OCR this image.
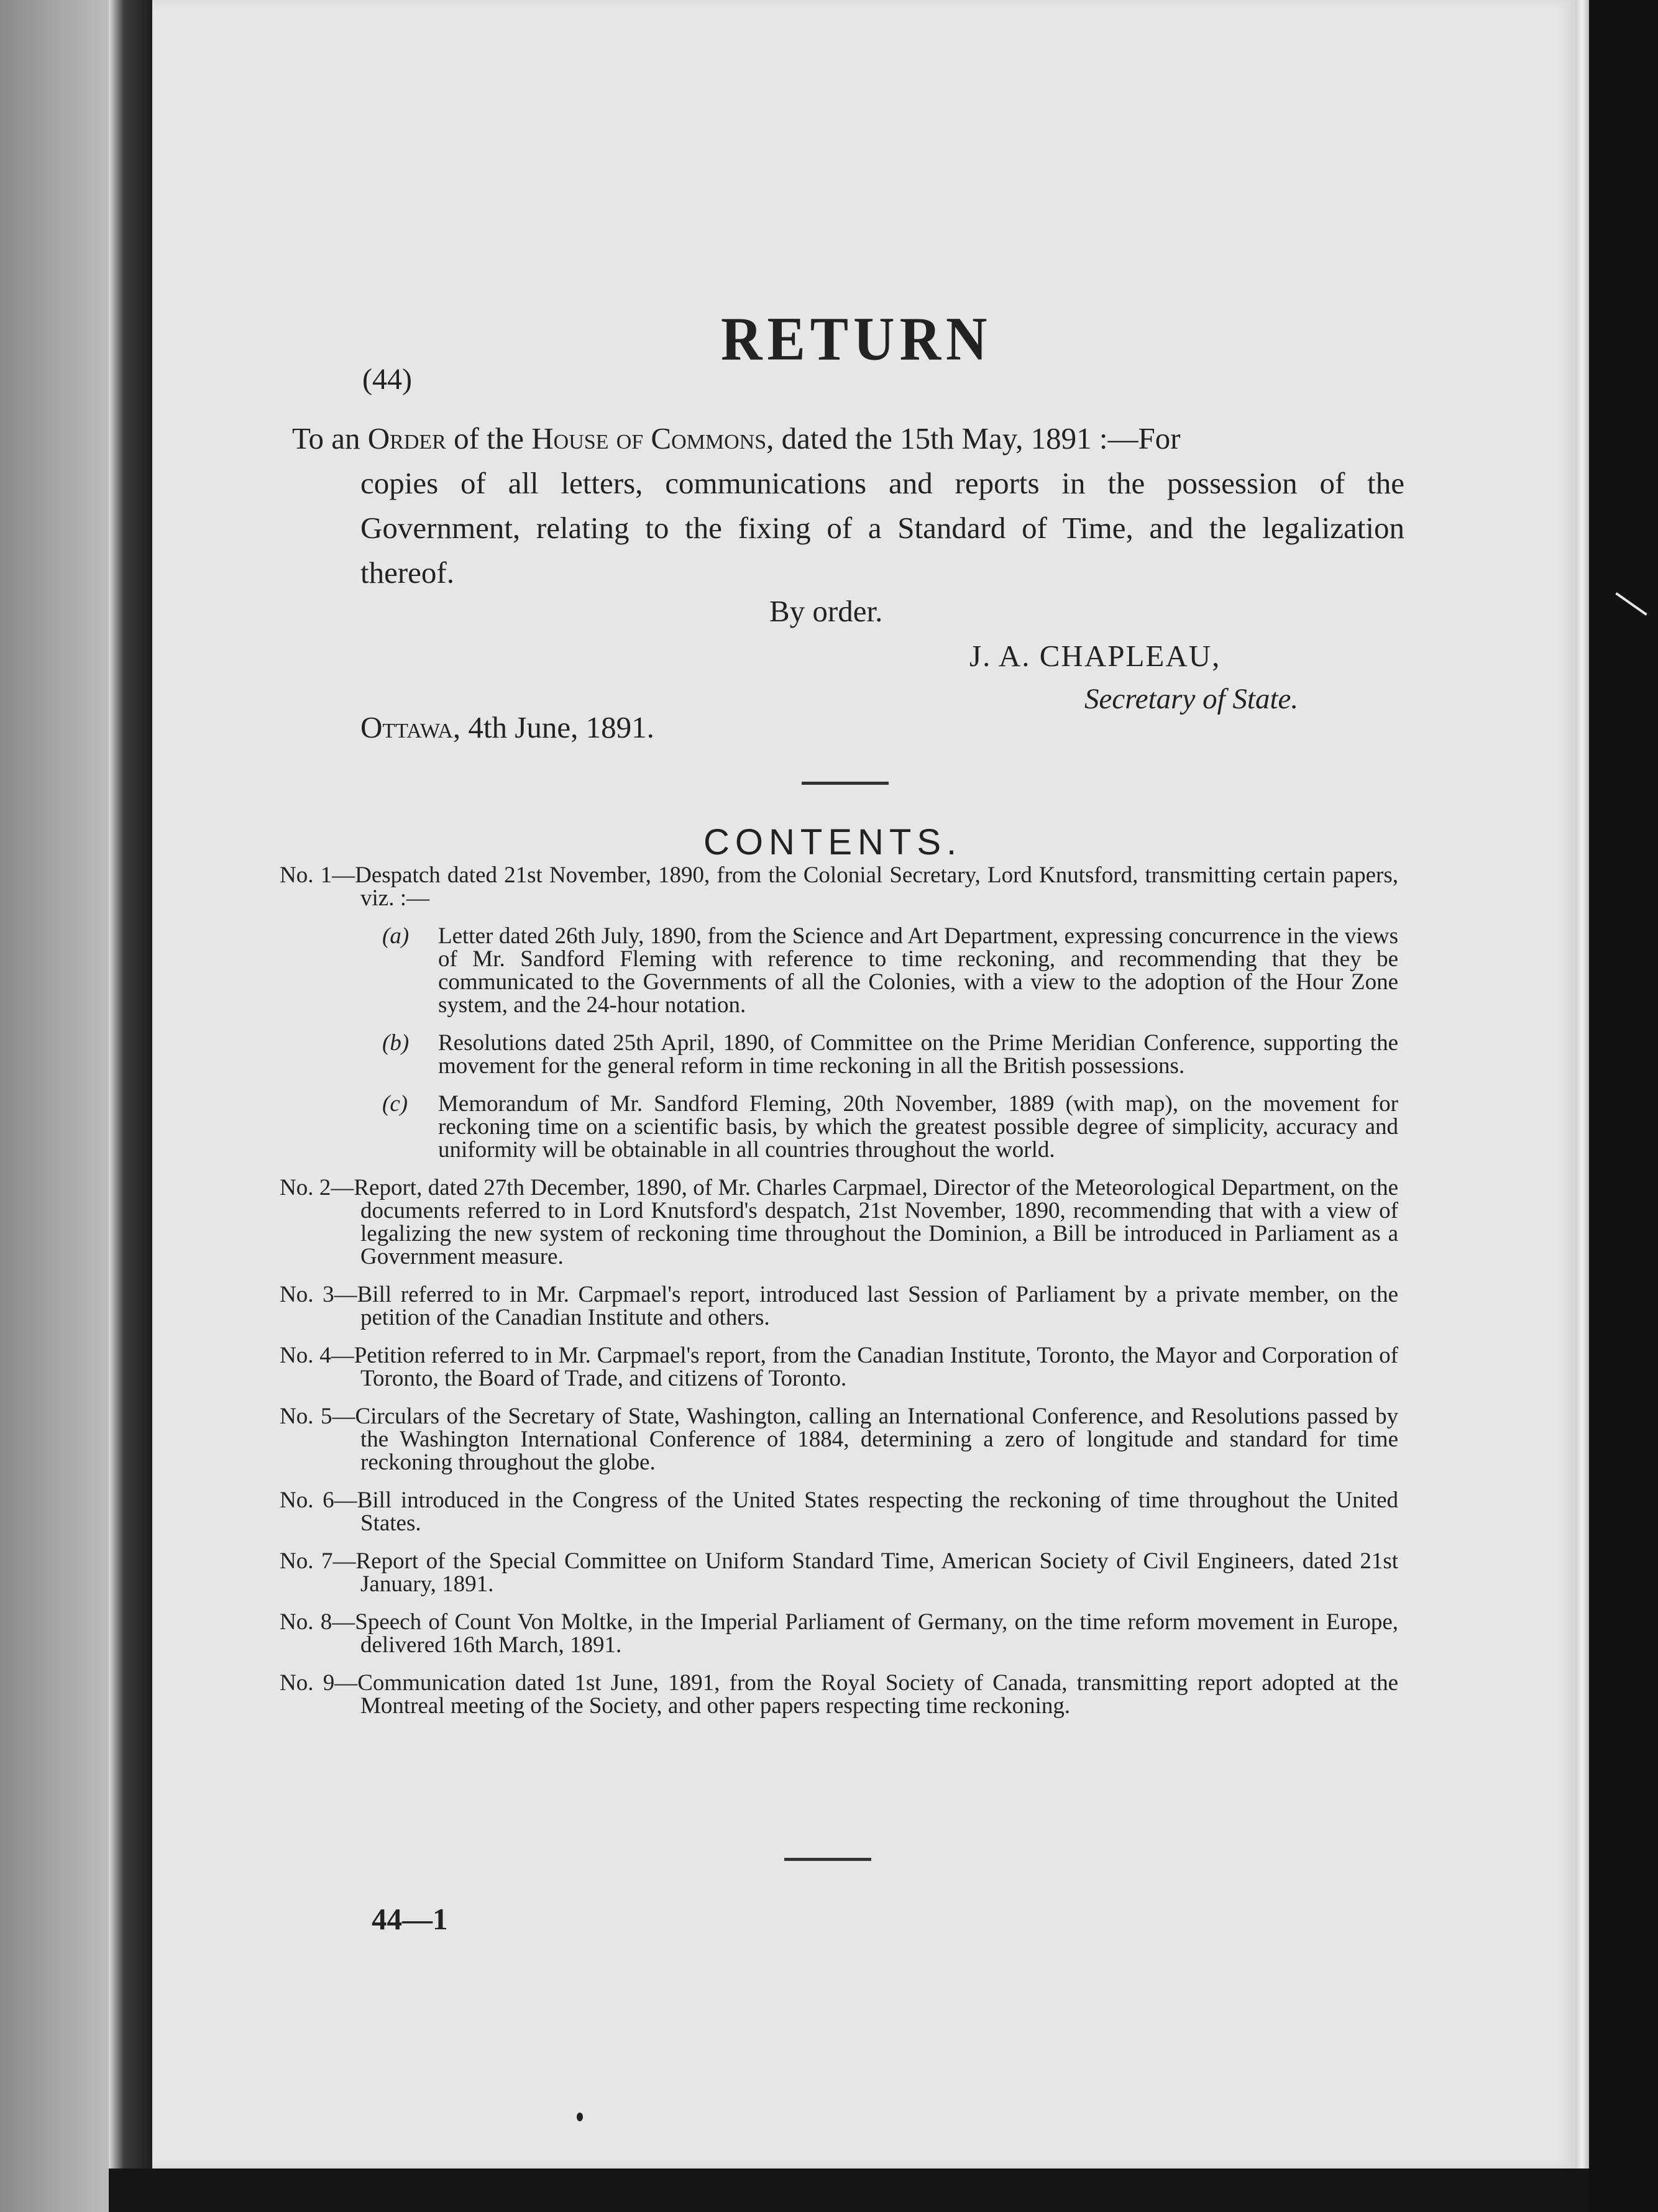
RETURN
(44)
To an Order of the House of Commons, dated the 15th May, 1891 :—For
copies of all letters, communications and reports in the possession of the Government, relating to the fixing of a Standard of Time, and the legalization thereof.
By order.
J. A. CHAPLEAU,
Secretary of State.
Ottawa, 4th June, 1891.
CONTENTS.
No. 1—Despatch dated 21st November, 1890, from the Colonial Secretary, Lord Knutsford, transmitting certain papers, viz. :—
(a)	Letter dated 26th July, 1890, from the Science and Art Department, expressing concurrence in the views of Mr. Sandford Fleming with reference to time reckoning, and recommending that they be communicated to the Governments of all the Colonies, with a view to the adoption of the Hour Zone system, and the 24-hour notation.
(b)	Resolutions dated 25th April, 1890, of Committee on the Prime Meridian Conference, supporting the movement for the general reform in time reckoning in all the British possessions.
(c)	Memorandum of Mr. Sandford Fleming, 20th November, 1889 (with map), on the movement for reckoning time on a scientific basis, by which the greatest possible degree of simplicity, accuracy and uniformity will be obtainable in all countries throughout the world.
No. 2—Report, dated 27th December, 1890, of Mr. Charles Carpmael, Director of the Meteorological Department, on the documents referred to in Lord Knutsford's despatch, 21st November, 1890, recommending that with a view of legalizing the new system of reckoning time throughout the Dominion, a Bill be introduced in Parliament as a Government measure.
No. 3—Bill referred to in Mr. Carpmael's report, introduced last Session of Parliament by a private member, on the petition of the Canadian Institute and others.
No. 4—Petition referred to in Mr. Carpmael's report, from the Canadian Institute, Toronto, the Mayor and Corporation of Toronto, the Board of Trade, and citizens of Toronto.
No. 5—Circulars of the Secretary of State, Washington, calling an International Conference, and Resolutions passed by the Washington International Conference of 1884, determining a zero of longitude and standard for time reckoning throughout the globe.
No. 6—Bill introduced in the Congress of the United States respecting the reckoning of time throughout the United States.
No. 7—Report of the Special Committee on Uniform Standard Time, American Society of Civil Engineers, dated 21st January, 1891.
No. 8—Speech of Count Von Moltke, in the Imperial Parliament of Germany, on the time reform movement in Europe, delivered 16th March, 1891.
No. 9—Communication dated 1st June, 1891, from the Royal Society of Canada, transmitting report adopted at the Montreal meeting of the Society, and other papers respecting time reckoning.
44—1
